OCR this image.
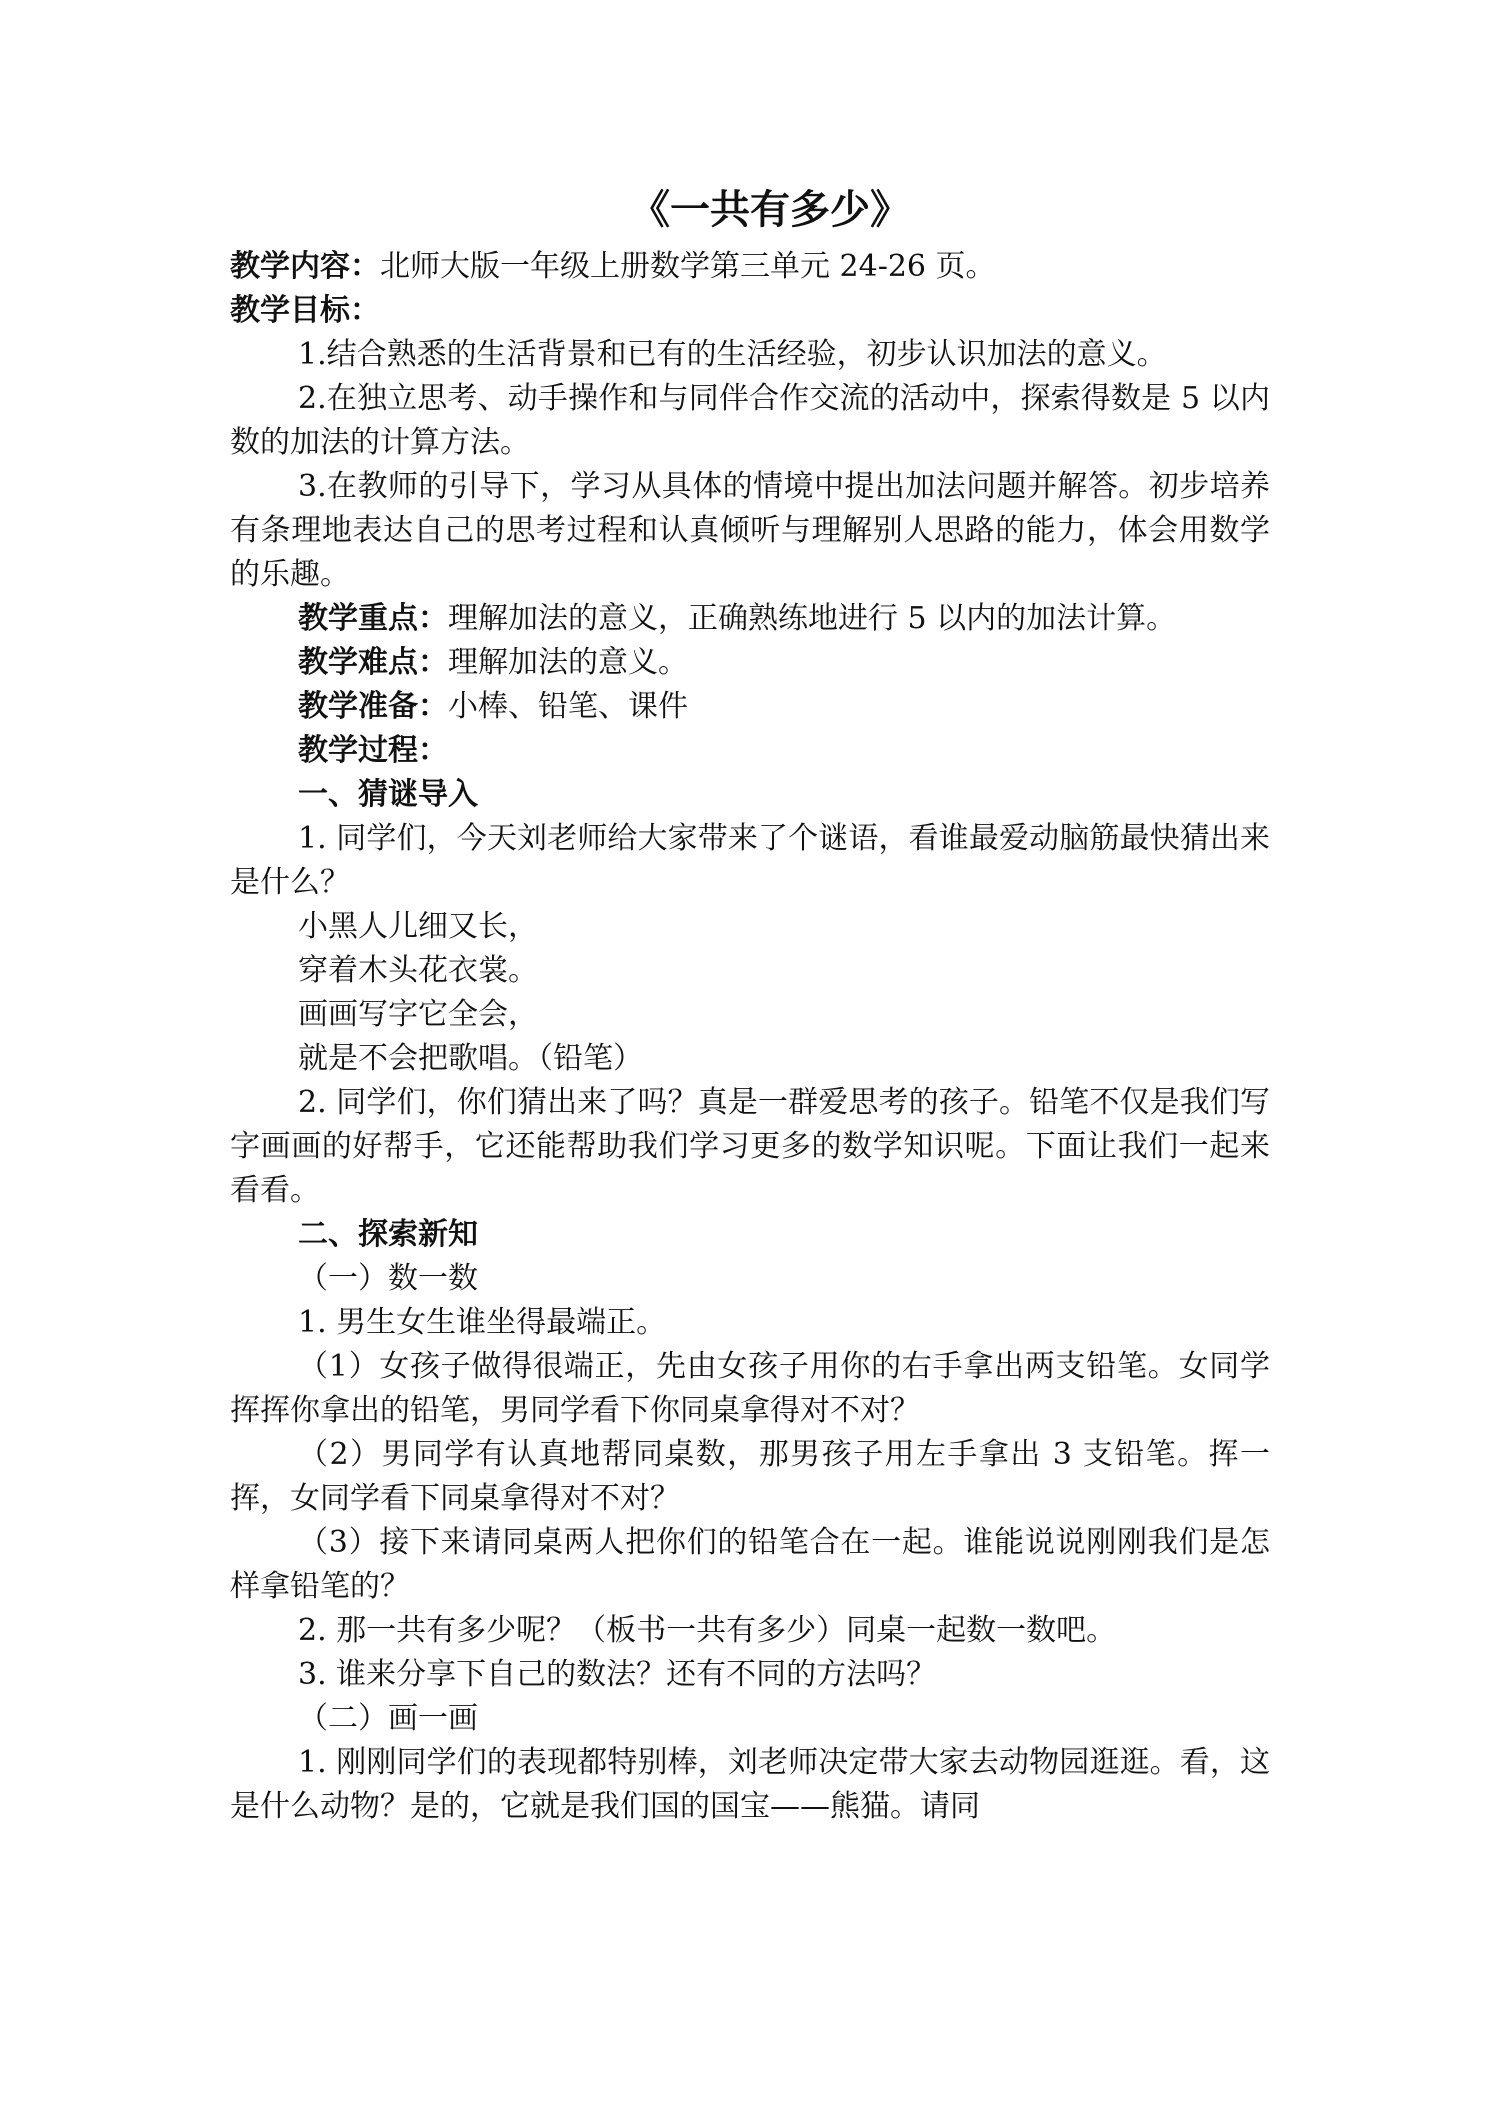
《一共有多少》

教学内容：北师大版一年级上册数学第三单元 24-26 页。

教学目标：

1.结合熟悉的生活背景和已有的生活经验，初步认识加法的意义。

2.在独立思考、动手操作和与同伴合作交流的活动中，探索得数是 5 以内数的加法的计算方法。

3.在教师的引导下，学习从具体的情境中提出加法问题并解答。初步培养有条理地表达自己的思考过程和认真倾听与理解别人思路的能力，体会用数学的乐趣。

教学重点：理解加法的意义，正确熟练地进行 5 以内的加法计算。

教学难点：理解加法的意义。

教学准备：小棒、铅笔、课件

教学过程：

一、猜谜导入

1. 同学们，今天刘老师给大家带来了个谜语，看谁最爱动脑筋最快猜出来是什么？

小黑人儿细又长，

穿着木头花衣裳。

画画写字它全会，

就是不会把歌唱。（铅笔）

2. 同学们，你们猜出来了吗？真是一群爱思考的孩子。铅笔不仅是我们写字画画的好帮手，它还能帮助我们学习更多的数学知识呢。下面让我们一起来看看。

二、探索新知

（一）数一数

1. 男生女生谁坐得最端正。

（1）女孩子做得很端正，先由女孩子用你的右手拿出两支铅笔。女同学挥挥你拿出的铅笔，男同学看下你同桌拿得对不对？

（2）男同学有认真地帮同桌数，那男孩子用左手拿出 3 支铅笔。挥一挥，女同学看下同桌拿得对不对？

（3）接下来请同桌两人把你们的铅笔合在一起。谁能说说刚刚我们是怎样拿铅笔的？

2. 那一共有多少呢？（板书一共有多少）同桌一起数一数吧。

3. 谁来分享下自己的数法？还有不同的方法吗？

（二）画一画

1. 刚刚同学们的表现都特别棒，刘老师决定带大家去动物园逛逛。看，这是什么动物？是的，它就是我们国的国宝——熊猫。请同
